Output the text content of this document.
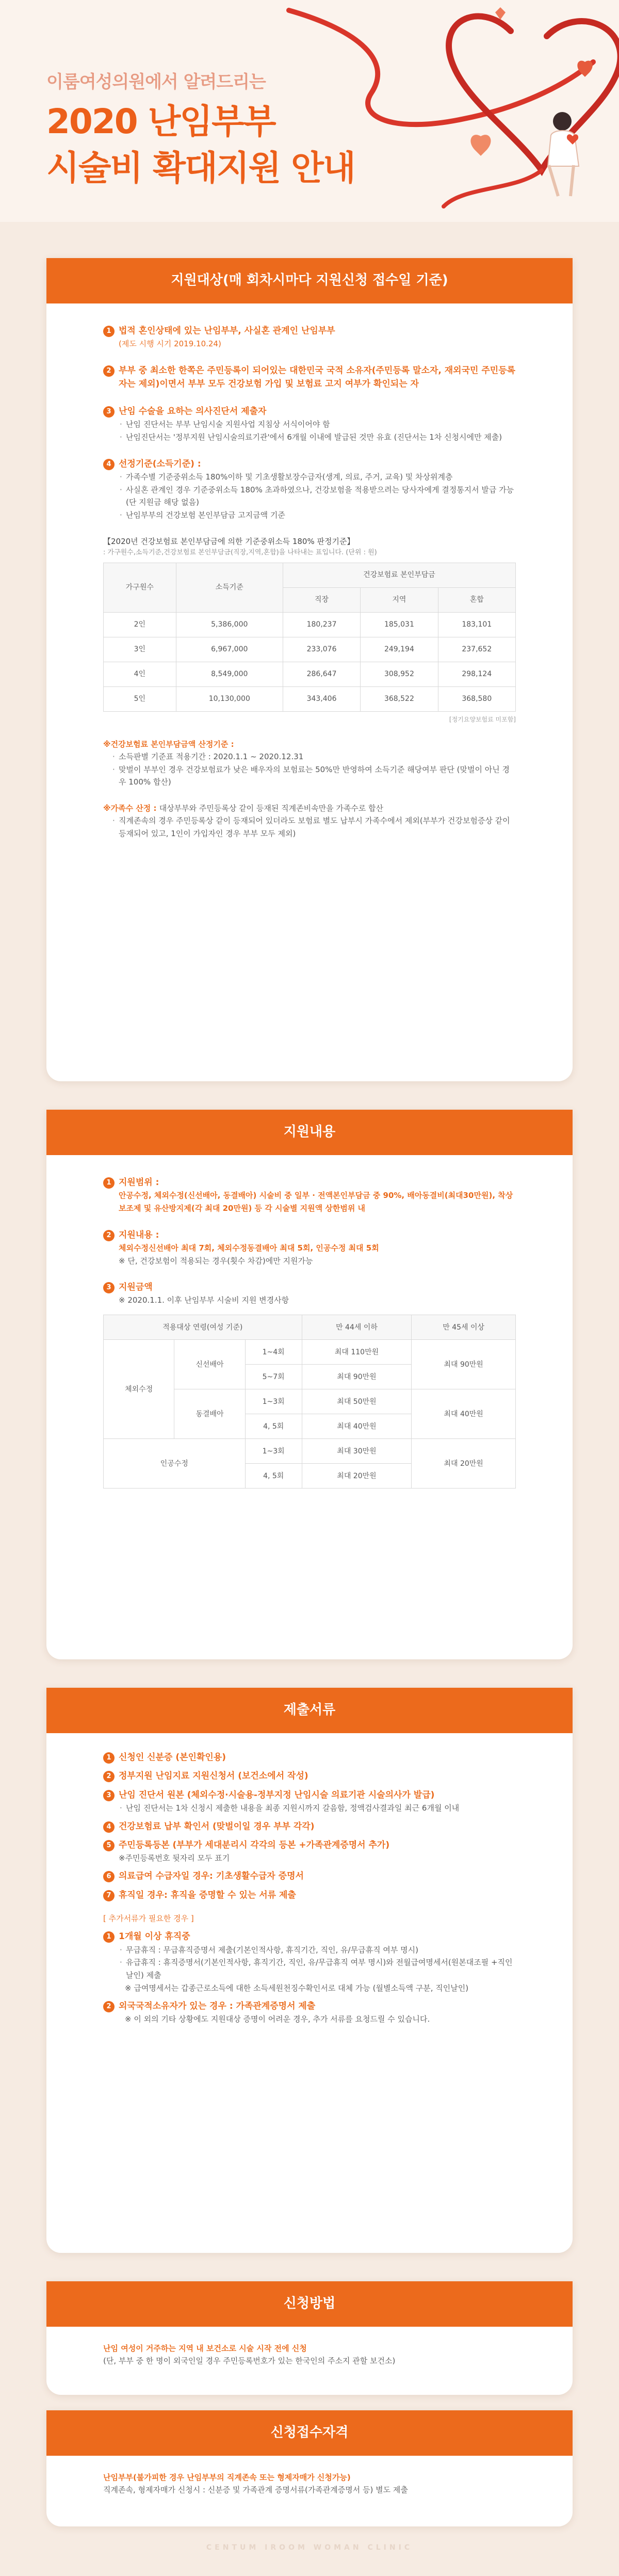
이룸여성의원에서 알려드리는
2020 난임부부
시술비 확대지원 안내
지원대상(매 회차시마다 지원신청 접수일 기준)
1 법적 혼인상태에 있는 난임부부, 사실혼 관계인 난임부부
(제도 시행 시기 2019.10.24)
2 부부 중 최소한 한쪽은 주민등록이 되어있는 대한민국 국적 소유자(주민등록 말소자, 재외국민 주민등록자는 제외)이면서 부부 모두 건강보험 가입 및 보험료 고지 여부가 확인되는 자
3 난임 수술을 요하는 의사진단서 제출자
· 난임 진단서는 부부 난임시술 지원사업 지침상 서식이어야 함
· 난임진단서는 '정부지원 난임시술의료기관'에서 6개월 이내에 발급된 것만 유효 (진단서는 1차 신청시에만 제출)
4 선정기준(소득기준) :
· 가족수별 기준중위소득 180%이하 및 기초생활보장수급자(생계, 의료, 주거, 교육) 및 차상위계층
· 사실혼 관계인 경우 기준중위소득 180% 초과하였으나, 건강보험을 적용받으려는 당사자에게 결정통지서 발급 가능(단 지원금 해당 없음)
· 난임부부의 건강보험 본인부담금 고지금액 기준
【2020년 건강보험료 본인부담금에 의한 기준중위소득 180% 판정기준】
: 가구원수,소득기준,건강보험료 본인부담금(직장,지역,혼합)을 나타내는 표입니다. (단위 : 원)
가구원수	소득기준	건강보험료 본인부담금		
		직장	지역	혼합
2인	5,386,000	180,237	185,031	183,101
3인	6,967,000	233,076	249,194	237,652
4인	8,549,000	286,647	308,952	298,124
5인	10,130,000	343,406	368,522	368,580
[정기요양보험료 미포함]
※건강보험료 본인부담금액 산정기준 :
· 소득판별 기준표 적용기간 : 2020.1.1 ~ 2020.12.31
· 맞벌이 부부인 경우 건강보험료가 낮은 배우자의 보험료는 50%만 반영하여 소득기준 해당여부 판단 (맞벌이 아닌 경우 100% 합산)
※가족수 산정 : 대상부부와 주민등록상 같이 등재된 직계존비속만을 가족수로 합산
· 직계존속의 경우 주민등록상 같이 등재되어 있더라도 보험료 별도 납부시 가족수에서 제외(부부가 건강보험증상 같이 등재되어 있고, 1인이 가입자인 경우 부부 모두 제외)
지원내용
1 지원범위 :
안공수정, 체외수정(신선배아, 동결배아) 시술비 중 일부 · 전액본인부담금 중 90%, 배아동결비(최대30만원), 착상보조제 및 유산방지제(각 최대 20만원) 등 각 시술별 지원액 상한범위 내
2 지원내용 :
체외수정신선배아 최대 7회, 체외수정동결배아 최대 5회, 인공수정 최대 5회
※ 단, 건강보험이 적용되는 경우(횟수 차감)에만 지원가능
3 지원금액
※ 2020.1.1. 이후 난임부부 시술비 지원 변경사항
적용대상 연령(여성 기준)			만 44세 이하	만 45세 이상
체외수정	신선배아	1~4회	최대 110만원	최대 90만원
		5~7회	최대 90만원	
	동결배아	1~3회	최대 50만원	최대 40만원
		4, 5회	최대 40만원	
인공수정		1~3회	최대 30만원	최대 20만원
		4, 5회	최대 20만원	
제출서류
1 신청인 신분증 (본인확인용)
2 정부지원 난임지료 지원신청서 (보건소에서 작성)
3 난임 진단서 원본 (체외수정·시술용-정부지정 난임시술 의료기관 시술의사가 발급)
· 난임 진단서는 1차 신청시 제출한 내용을 최종 지원시까지 갈음함, 정액검사결과일 최근 6개월 이내
4 건강보험료 납부 확인서 (맞벌이일 경우 부부 각각)
5 주민등록등본 (부부가 세대분리시 각각의 등본 +가족관계증명서 추가)
※주민등록번호 뒷자리 모두 표기
6 의료급여 수급자일 경우: 기초생활수급자 증명서
7 휴직일 경우: 휴직을 증명할 수 있는 서류 제출
[ 추가서류가 필요한 경우 ]
1 1개월 이상 휴직중
· 무급휴직 : 무급휴직증명서 제출(기본인적사항, 휴직기간, 직인, 유/무급휴직 여부 명시)
· 유급휴직 : 휴직증명서(기본인적사항, 휴직기간, 직인, 유/무급휴직 여부 명시)와 전월급여명세서(원본대조필 +직인날인) 제출
※ 급여명세서는 갑종근로소득에 대한 소득세원천징수확인서로 대체 가능 (월별소득액 구분, 직인날인)
2 외국국적소유자가 있는 경우 : 가족관계증명서 제출
※ 이 외의 기타 상황에도 지원대상 증명이 어려운 경우, 추가 서류를 요청드릴 수 있습니다.
신청방법
난임 여성이 거주하는 지역 내 보건소로 시술 시작 전에 신청
(단, 부부 중 한 명이 외국인일 경우 주민등록번호가 있는 한국인의 주소지 관할 보건소)
신청접수자격
난임부부(불가피한 경우 난임부부의 직계존속 또는 형제자매가 신청가능)
직계존속, 형제자매가 신청시 : 신분증 및 가족관계 증명서류(가족관계증명서 등) 별도 제출
CENTUM IROOM WOMAN CLINIC
